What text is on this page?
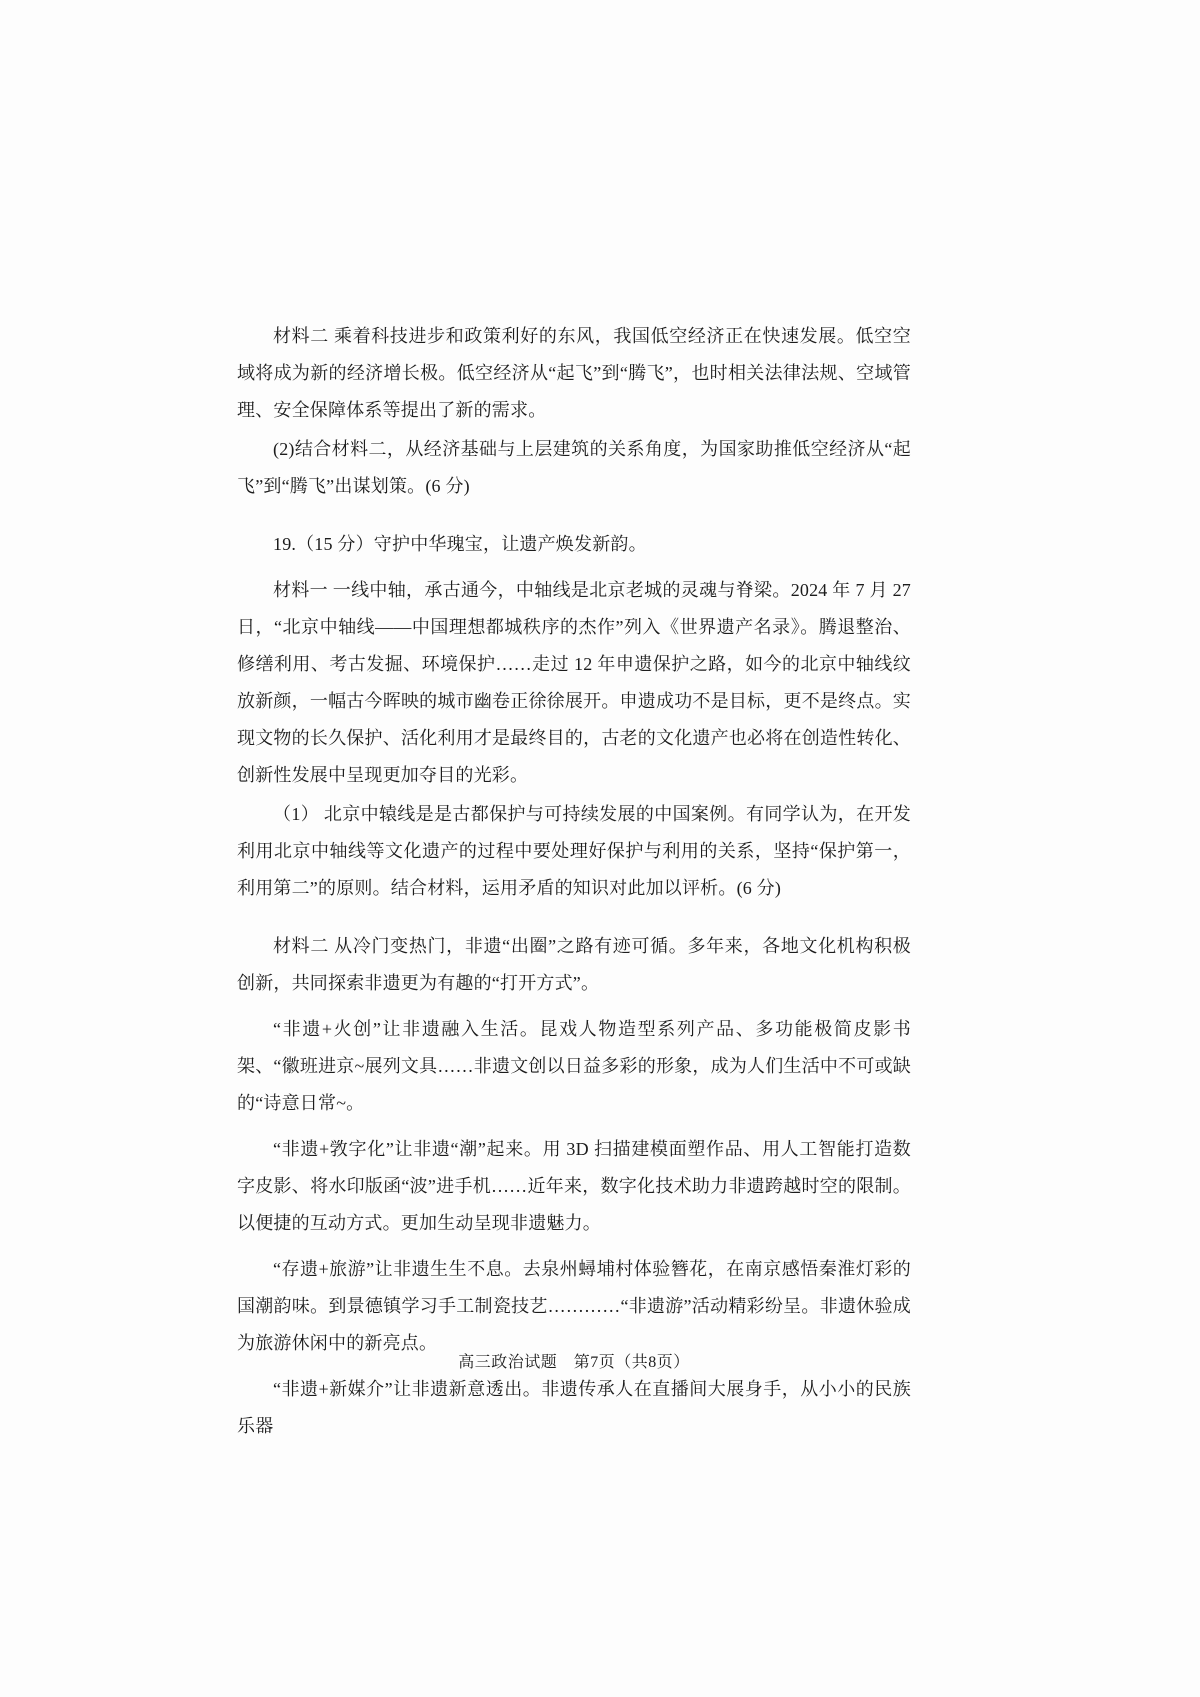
材料二 乘着科技进步和政策利好的东风，我国低空经济正在快速发展。低空空域将成为新的经济增长极。低空经济从“起飞”到“腾飞”，也时相关法律法规、空域管理、安全保障体系等提出了新的需求。

(2)结合材料二，从经济基础与上层建筑的关系角度，为国家助推低空经济从“起飞”到“腾飞”出谋划策。(6 分)

19.（15 分）守护中华瑰宝，让遗产焕发新韵。

材料一 一线中轴，承古通今，中轴线是北京老城的灵魂与脊梁。2024 年 7 月 27 日，“北京中轴线——中国理想都城秩序的杰作”列入《世界遗产名录》。腾退整治、修缮利用、考古发掘、环境保护……走过 12 年申遗保护之路，如今的北京中轴线纹放新颜，一幅古今晖映的城市幽卷正徐徐展开。申遗成功不是目标，更不是终点。实现文物的长久保护、活化利用才是最终目的，古老的文化遗产也必将在创造性转化、创新性发展中呈现更加夺目的光彩。

（1） 北京中辕线是是古都保护与可持续发展的中国案例。有同学认为，在开发利用北京中轴线等文化遗产的过程中要处理好保护与利用的关系，坚持“保护第一，利用第二”的原则。结合材料，运用矛盾的知识对此加以评析。(6 分)

材料二 从冷门变热门，非遗“出圈”之路有迹可循。多年来，各地文化机构积极创新，共同探索非遗更为有趣的“打开方式”。

“非遗+火创”让非遗融入生活。昆戏人物造型系列产品、多功能极简皮影书架、“徽班进京~展列文具……非遗文创以日益多彩的形象，成为人们生活中不可或缺的“诗意日常~。

“非遗+敩字化”让非遗“潮”起来。用 3D 扫描建模面塑作品、用人工智能打造数字皮影、将水印版函“波”进手机……近年来，数字化技术助力非遗跨越时空的限制。以便捷的互动方式。更加生动呈现非遗魅力。

“存遗+旅游”让非遗生生不息。去泉州蟳埔村体验簪花，在南京感悟秦淮灯彩的国潮韵味。到景德镇学习手工制瓷技艺…………“非遗游”活动精彩纷呈。非遗休验成为旅游休闲中的新亮点。

“非遗+新媒介”让非遗新意透出。非遗传承人在直播间大展身手，从小小的民族乐器

高三政治试题　第7页（共8页）
